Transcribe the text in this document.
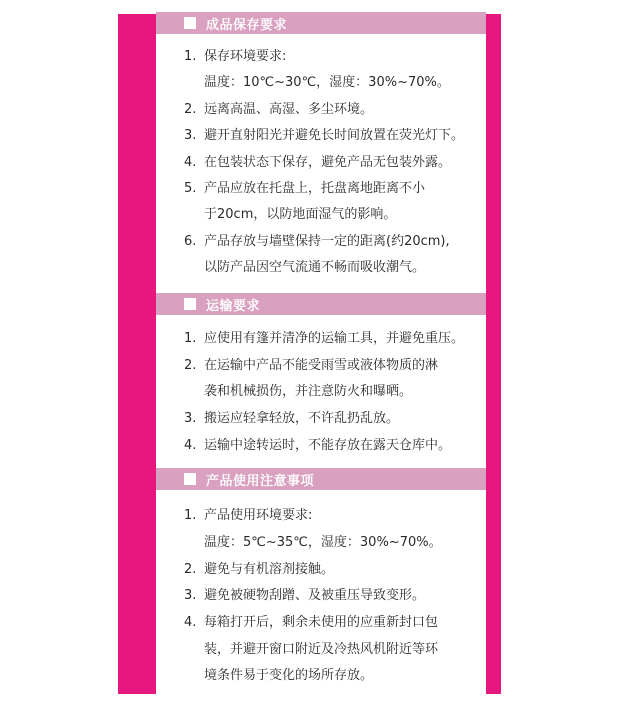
成品保存要求
1. 保存环境要求:
温度：10℃~30℃，湿度：30%~70%。
2. 远离高温、高湿、多尘环境。
3. 避开直射阳光并避免长时间放置在荧光灯下。
4. 在包装状态下保存，避免产品无包装外露。
5. 产品应放在托盘上，托盘离地距离不小
于20cm，以防地面湿气的影响。
6. 产品存放与墙壁保持一定的距离(约20cm),
以防产品因空气流通不畅而吸收潮气。
运输要求
1. 应使用有篷并清净的运输工具，并避免重压。
2. 在运输中产品不能受雨雪或液体物质的淋
袭和机械损伤，并注意防火和曝晒。
3. 搬运应轻拿轻放，不许乱扔乱放。
4. 运输中途转运时，不能存放在露天仓库中。
产品使用注意事项
1. 产品使用环境要求:
温度：5℃~35℃，湿度：30%~70%。
2. 避免与有机溶剂接触。
3. 避免被硬物刮蹭、及被重压导致变形。
4. 每箱打开后，剩余未使用的应重新封口包
装，并避开窗口附近及冷热风机附近等环
境条件易于变化的场所存放。
